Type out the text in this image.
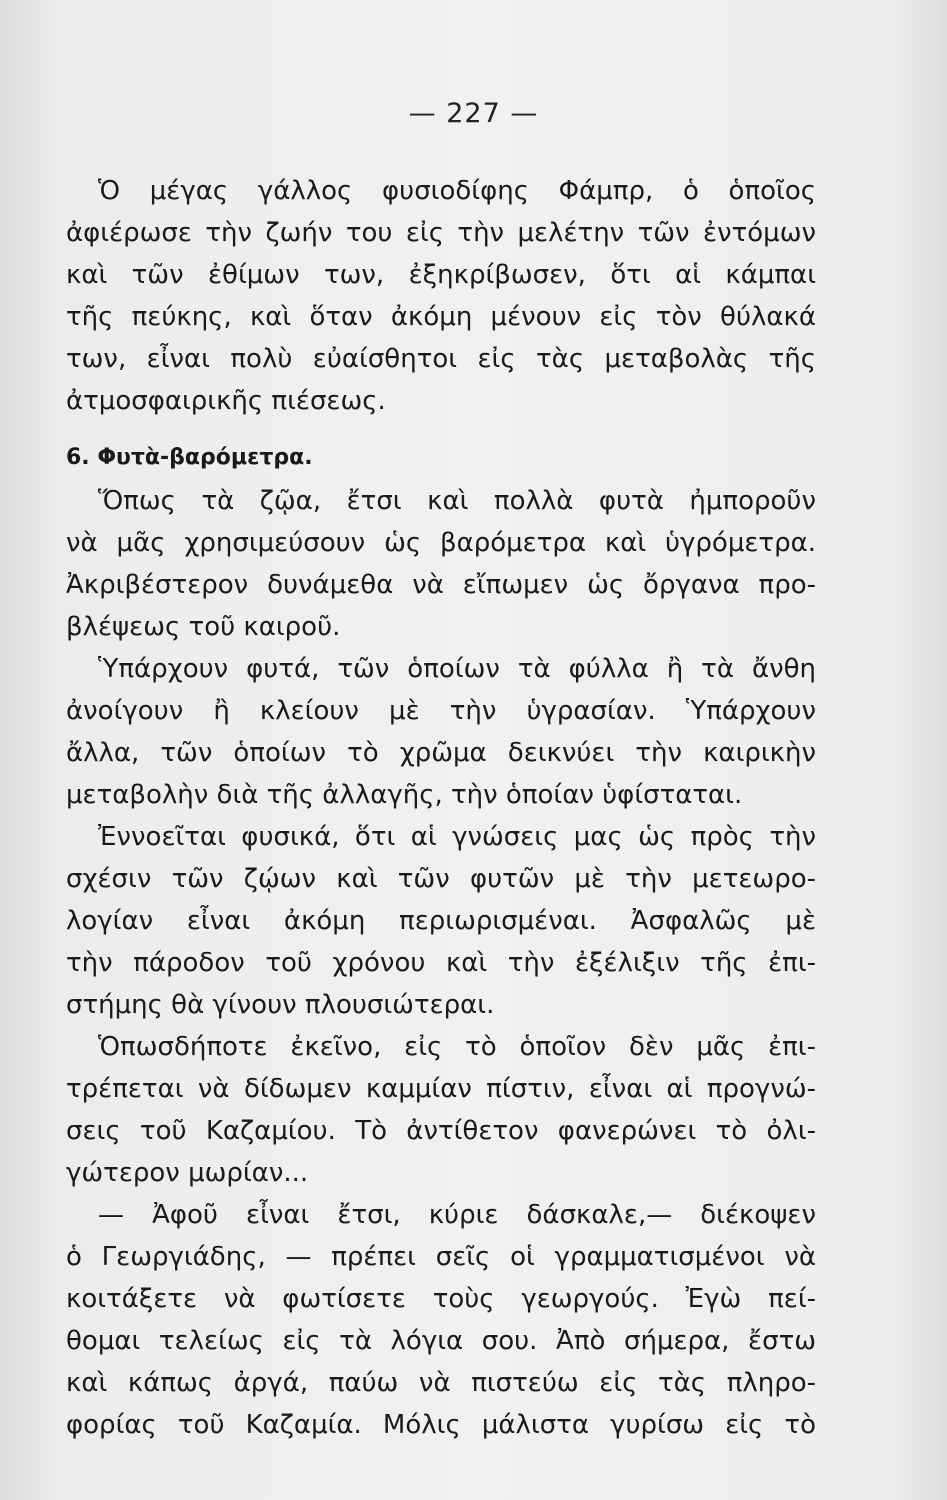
— 227 —
Ὁ μέγας γάλλος φυσιοδίφης Φάμπρ, ὁ ὁποῖος
ἀφιέρωσε τὴν ζωήν του εἰς τὴν μελέτην τῶν ἐντόμων
καὶ τῶν ἐθίμων των, ἐξηκρίβωσεν, ὅτι αἱ κάμπαι
τῆς πεύκης, καὶ ὅταν ἀκόμη μένουν εἰς τὸν θύλακά
των, εἶναι πολὺ εὐαίσθητοι εἰς τὰς μεταβολὰς τῆς
ἀτμοσφαιρικῆς πιέσεως.
6. Φυτὰ-βαρόμετρα.
Ὅπως τὰ ζῷα, ἔτσι καὶ πολλὰ φυτὰ ἠμποροῦν
νὰ μᾶς χρησιμεύσουν ὡς βαρόμετρα καὶ ὑγρόμετρα.
Ἀκριβέστερον δυνάμεθα νὰ εἴπωμεν ὡς ὄργανα προ-
βλέψεως τοῦ καιροῦ.
Ὑπάρχουν φυτά, τῶν ὁποίων τὰ φύλλα ἢ τὰ ἄνθη
ἀνοίγουν ἢ κλείουν μὲ τὴν ὑγρασίαν. Ὑπάρχουν
ἄλλα, τῶν ὁποίων τὸ χρῶμα δεικνύει τὴν καιρικὴν
μεταβολὴν διὰ τῆς ἀλλαγῆς, τὴν ὁποίαν ὑφίσταται.
Ἐννοεῖται φυσικά, ὅτι αἱ γνώσεις μας ὡς πρὸς τὴν
σχέσιν τῶν ζῴων καὶ τῶν φυτῶν μὲ τὴν μετεωρο-
λογίαν εἶναι ἀκόμη περιωρισμέναι. Ἀσφαλῶς μὲ
τὴν πάροδον τοῦ χρόνου καὶ τὴν ἐξέλιξιν τῆς ἐπι-
στήμης θὰ γίνουν πλουσιώτεραι.
Ὁπωσδήποτε ἐκεῖνο, εἰς τὸ ὁποῖον δὲν μᾶς ἐπι-
τρέπεται νὰ δίδωμεν καμμίαν πίστιν, εἶναι αἱ προγνώ-
σεις τοῦ Καζαμίου. Τὸ ἀντίθετον φανερώνει τὸ ὀλι-
γώτερον μωρίαν...
— Ἀφοῦ εἶναι ἔτσι, κύριε δάσκαλε,— διέκοψεν
ὁ Γεωργιάδης, — πρέπει σεῖς οἱ γραμματισμένοι νὰ
κοιτάξετε νὰ φωτίσετε τοὺς γεωργούς. Ἐγὼ πεί-
θομαι τελείως εἰς τὰ λόγια σου. Ἀπὸ σήμερα, ἔστω
καὶ κάπως ἀργά, παύω νὰ πιστεύω εἰς τὰς πληρο-
φορίας τοῦ Καζαμία. Μόλις μάλιστα γυρίσω εἰς τὸ
